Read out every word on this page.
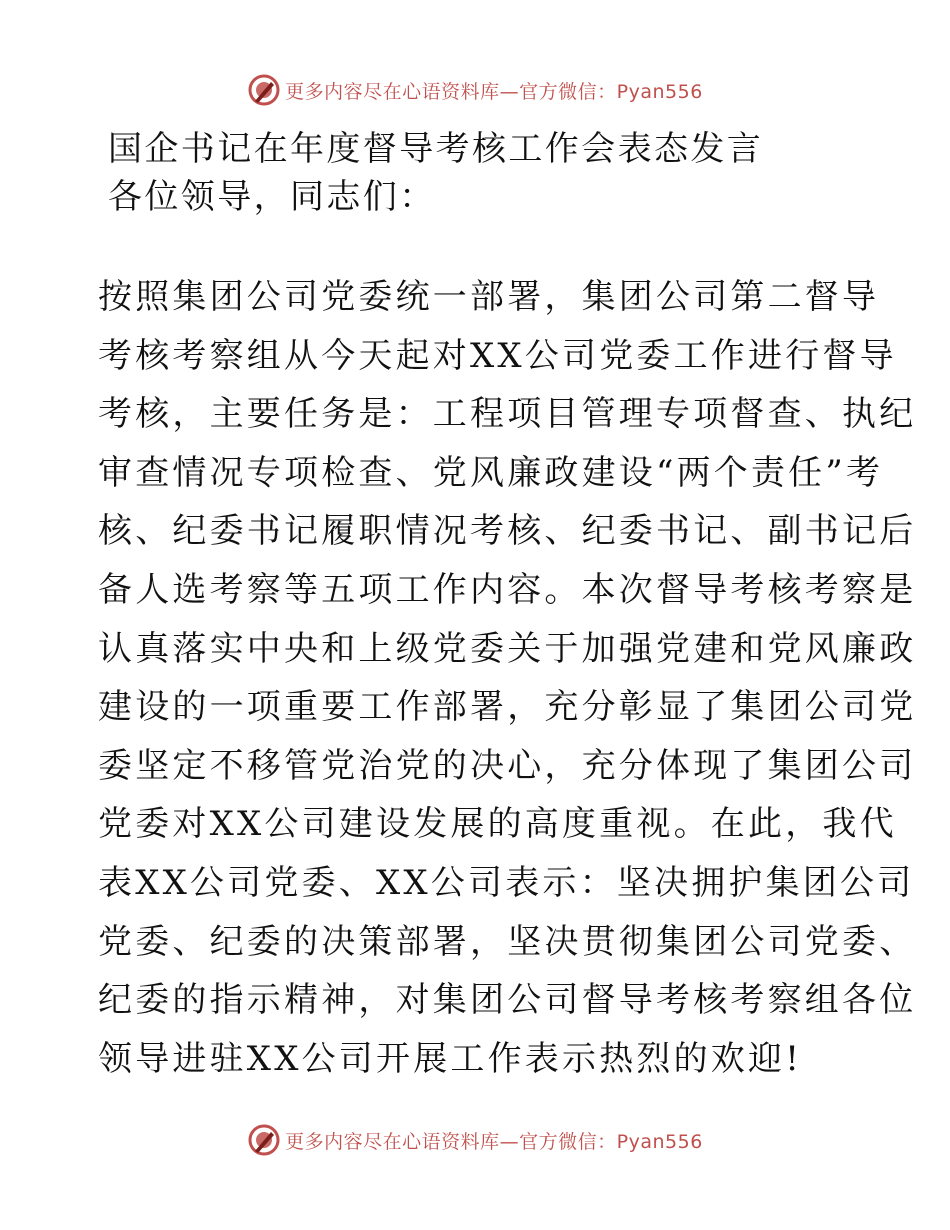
更多内容尽在心语资料库—官方微信：Pyan556
国企书记在年度督导考核工作会表态发言
各位领导，同志们：
按照集团公司党委统一部署，集团公司第二督导
考核考察组从今天起对XX公司党委工作进行督导
考核，主要任务是：工程项目管理专项督查、执纪
审查情况专项检查、党风廉政建设“两个责任”考
核、纪委书记履职情况考核、纪委书记、副书记后
备人选考察等五项工作内容。本次督导考核考察是
认真落实中央和上级党委关于加强党建和党风廉政
建设的一项重要工作部署，充分彰显了集团公司党
委坚定不移管党治党的决心，充分体现了集团公司
党委对XX公司建设发展的高度重视。在此，我代
表XX公司党委、XX公司表示：坚决拥护集团公司
党委、纪委的决策部署，坚决贯彻集团公司党委、
纪委的指示精神，对集团公司督导考核考察组各位
领导进驻XX公司开展工作表示热烈的欢迎!
更多内容尽在心语资料库—官方微信：Pyan556
